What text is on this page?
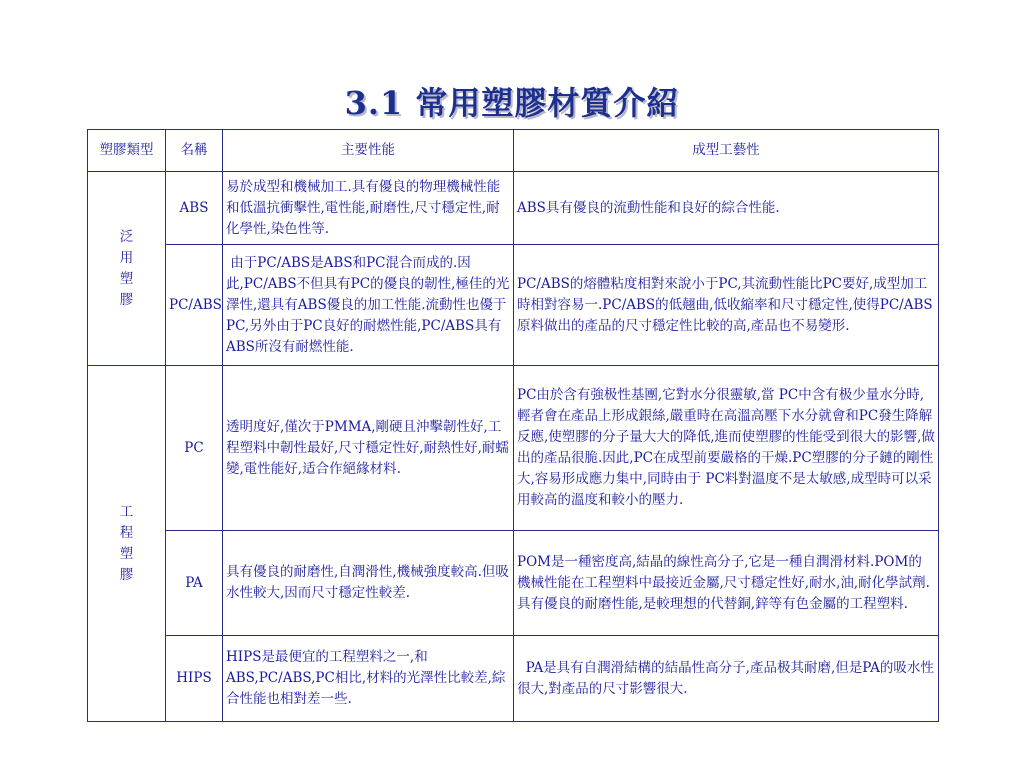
3.1 常用塑膠材質介紹
塑膠類型	名稱	主要性能	成型工藝性
泛用塑膠	ABS	易於成型和機械加工.具有優良的物理機械性能和低溫抗衝擊性,電性能,耐磨性,尺寸穩定性,耐化學性,染色性等.	ABS具有優良的流動性能和良好的綜合性能.
	PC/ABS	由于PC/ABS是ABS和PC混合而成的.因此,PC/ABS不但具有PC的優良的韌性,極佳的光澤性,還具有ABS優良的加工性能.流動性也優于PC,另外由于PC良好的耐燃性能,PC/ABS具有ABS所沒有耐燃性能.	PC/ABS的熔體粘度相對來說小于PC,其流動性能比PC要好,成型加工時相對容易一.PC/ABS的低翹曲,低收縮率和尺寸穩定性,使得PC/ABS原料做出的產品的尺寸穩定性比較的高,產品也不易變形.
工程塑膠	PC	透明度好,僅次于PMMA,剛硬且沖擊韌性好,工程塑料中韌性最好,尺寸穩定性好,耐熱性好,耐蠕變,電性能好,适合作絕緣材料.	PC由於含有強极性基團,它對水分很靈敏,當 PC中含有极少量水分時,輕者會在產品上形成銀絲,嚴重時在高溫高壓下水分就會和PC發生降解反應,使塑膠的分子量大大的降低,進而使塑膠的性能受到很大的影響,做出的產品很脆.因此,PC在成型前要嚴格的干燥.PC塑膠的分子鏈的剛性大,容易形成應力集中,同時由于 PC料對溫度不是太敏感,成型時可以采用較高的溫度和較小的壓力.
	PA	具有優良的耐磨性,自潤滑性,機械強度較高.但吸水性較大,因而尺寸穩定性較差.	POM是一種密度高,結晶的線性高分子,它是一種自潤滑材料.POM的機械性能在工程塑料中最接近金屬,尺寸穩定性好,耐水,油,耐化學試劑.具有優良的耐磨性能,是較理想的代替銅,鋅等有色金屬的工程塑料.
	HIPS	HIPS是最便宜的工程塑料之一,和ABS,PC/ABS,PC相比,材料的光澤性比較差,綜合性能也相對差一些.	PA是具有自潤滑結構的結晶性高分子,產品极其耐磨,但是PA的吸水性很大,對產品的尺寸影響很大.
